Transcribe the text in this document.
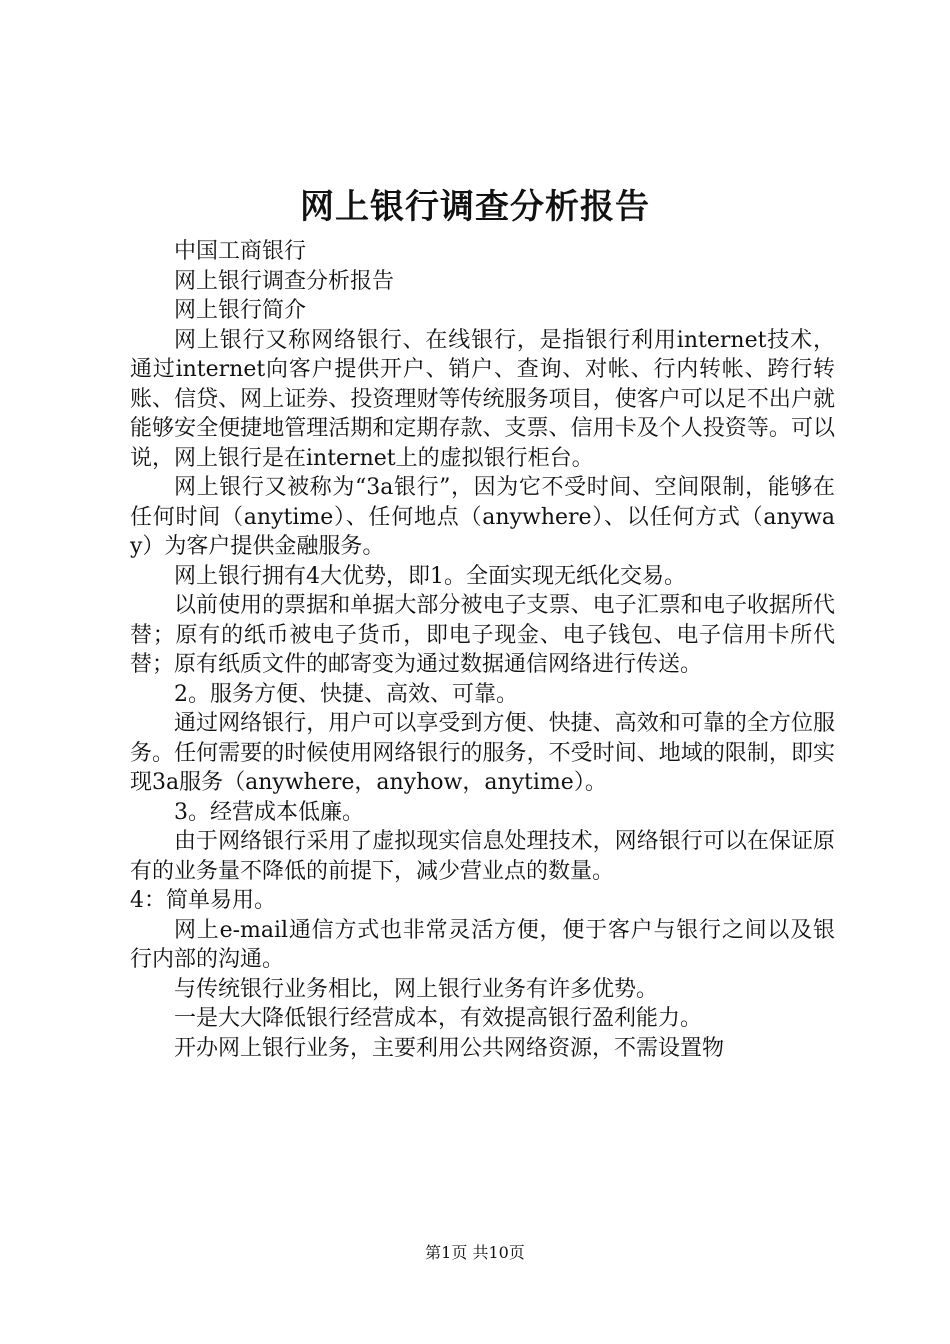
网上银行调查分析报告

中国工商银行

网上银行调查分析报告

网上银行简介

网上银行又称网络银行、在线银行，是指银行利用internet技术，通过internet向客户提供开户、销户、查询、对帐、行内转帐、跨行转账、信贷、网上证券、投资理财等传统服务项目，使客户可以足不出户就能够安全便捷地管理活期和定期存款、支票、信用卡及个人投资等。可以说，网上银行是在internet上的虚拟银行柜台。

网上银行又被称为“3a银行”，因为它不受时间、空间限制，能够在任何时间（anytime）、任何地点（anywhere）、以任何方式（anyway）为客户提供金融服务。

网上银行拥有4大优势，即1。全面实现无纸化交易。

以前使用的票据和单据大部分被电子支票、电子汇票和电子收据所代替；原有的纸币被电子货币，即电子现金、电子钱包、电子信用卡所代替；原有纸质文件的邮寄变为通过数据通信网络进行传送。

2。服务方便、快捷、高效、可靠。

通过网络银行，用户可以享受到方便、快捷、高效和可靠的全方位服务。任何需要的时候使用网络银行的服务，不受时间、地域的限制，即实现3a服务（anywhere，anyhow，anytime）。

3。经营成本低廉。

由于网络银行采用了虚拟现实信息处理技术，网络银行可以在保证原有的业务量不降低的前提下，减少营业点的数量。

4：简单易用。

网上e-mail通信方式也非常灵活方便，便于客户与银行之间以及银行内部的沟通。

与传统银行业务相比，网上银行业务有许多优势。

一是大大降低银行经营成本，有效提高银行盈利能力。

开办网上银行业务，主要利用公共网络资源，不需设置物

第1页 共10页
